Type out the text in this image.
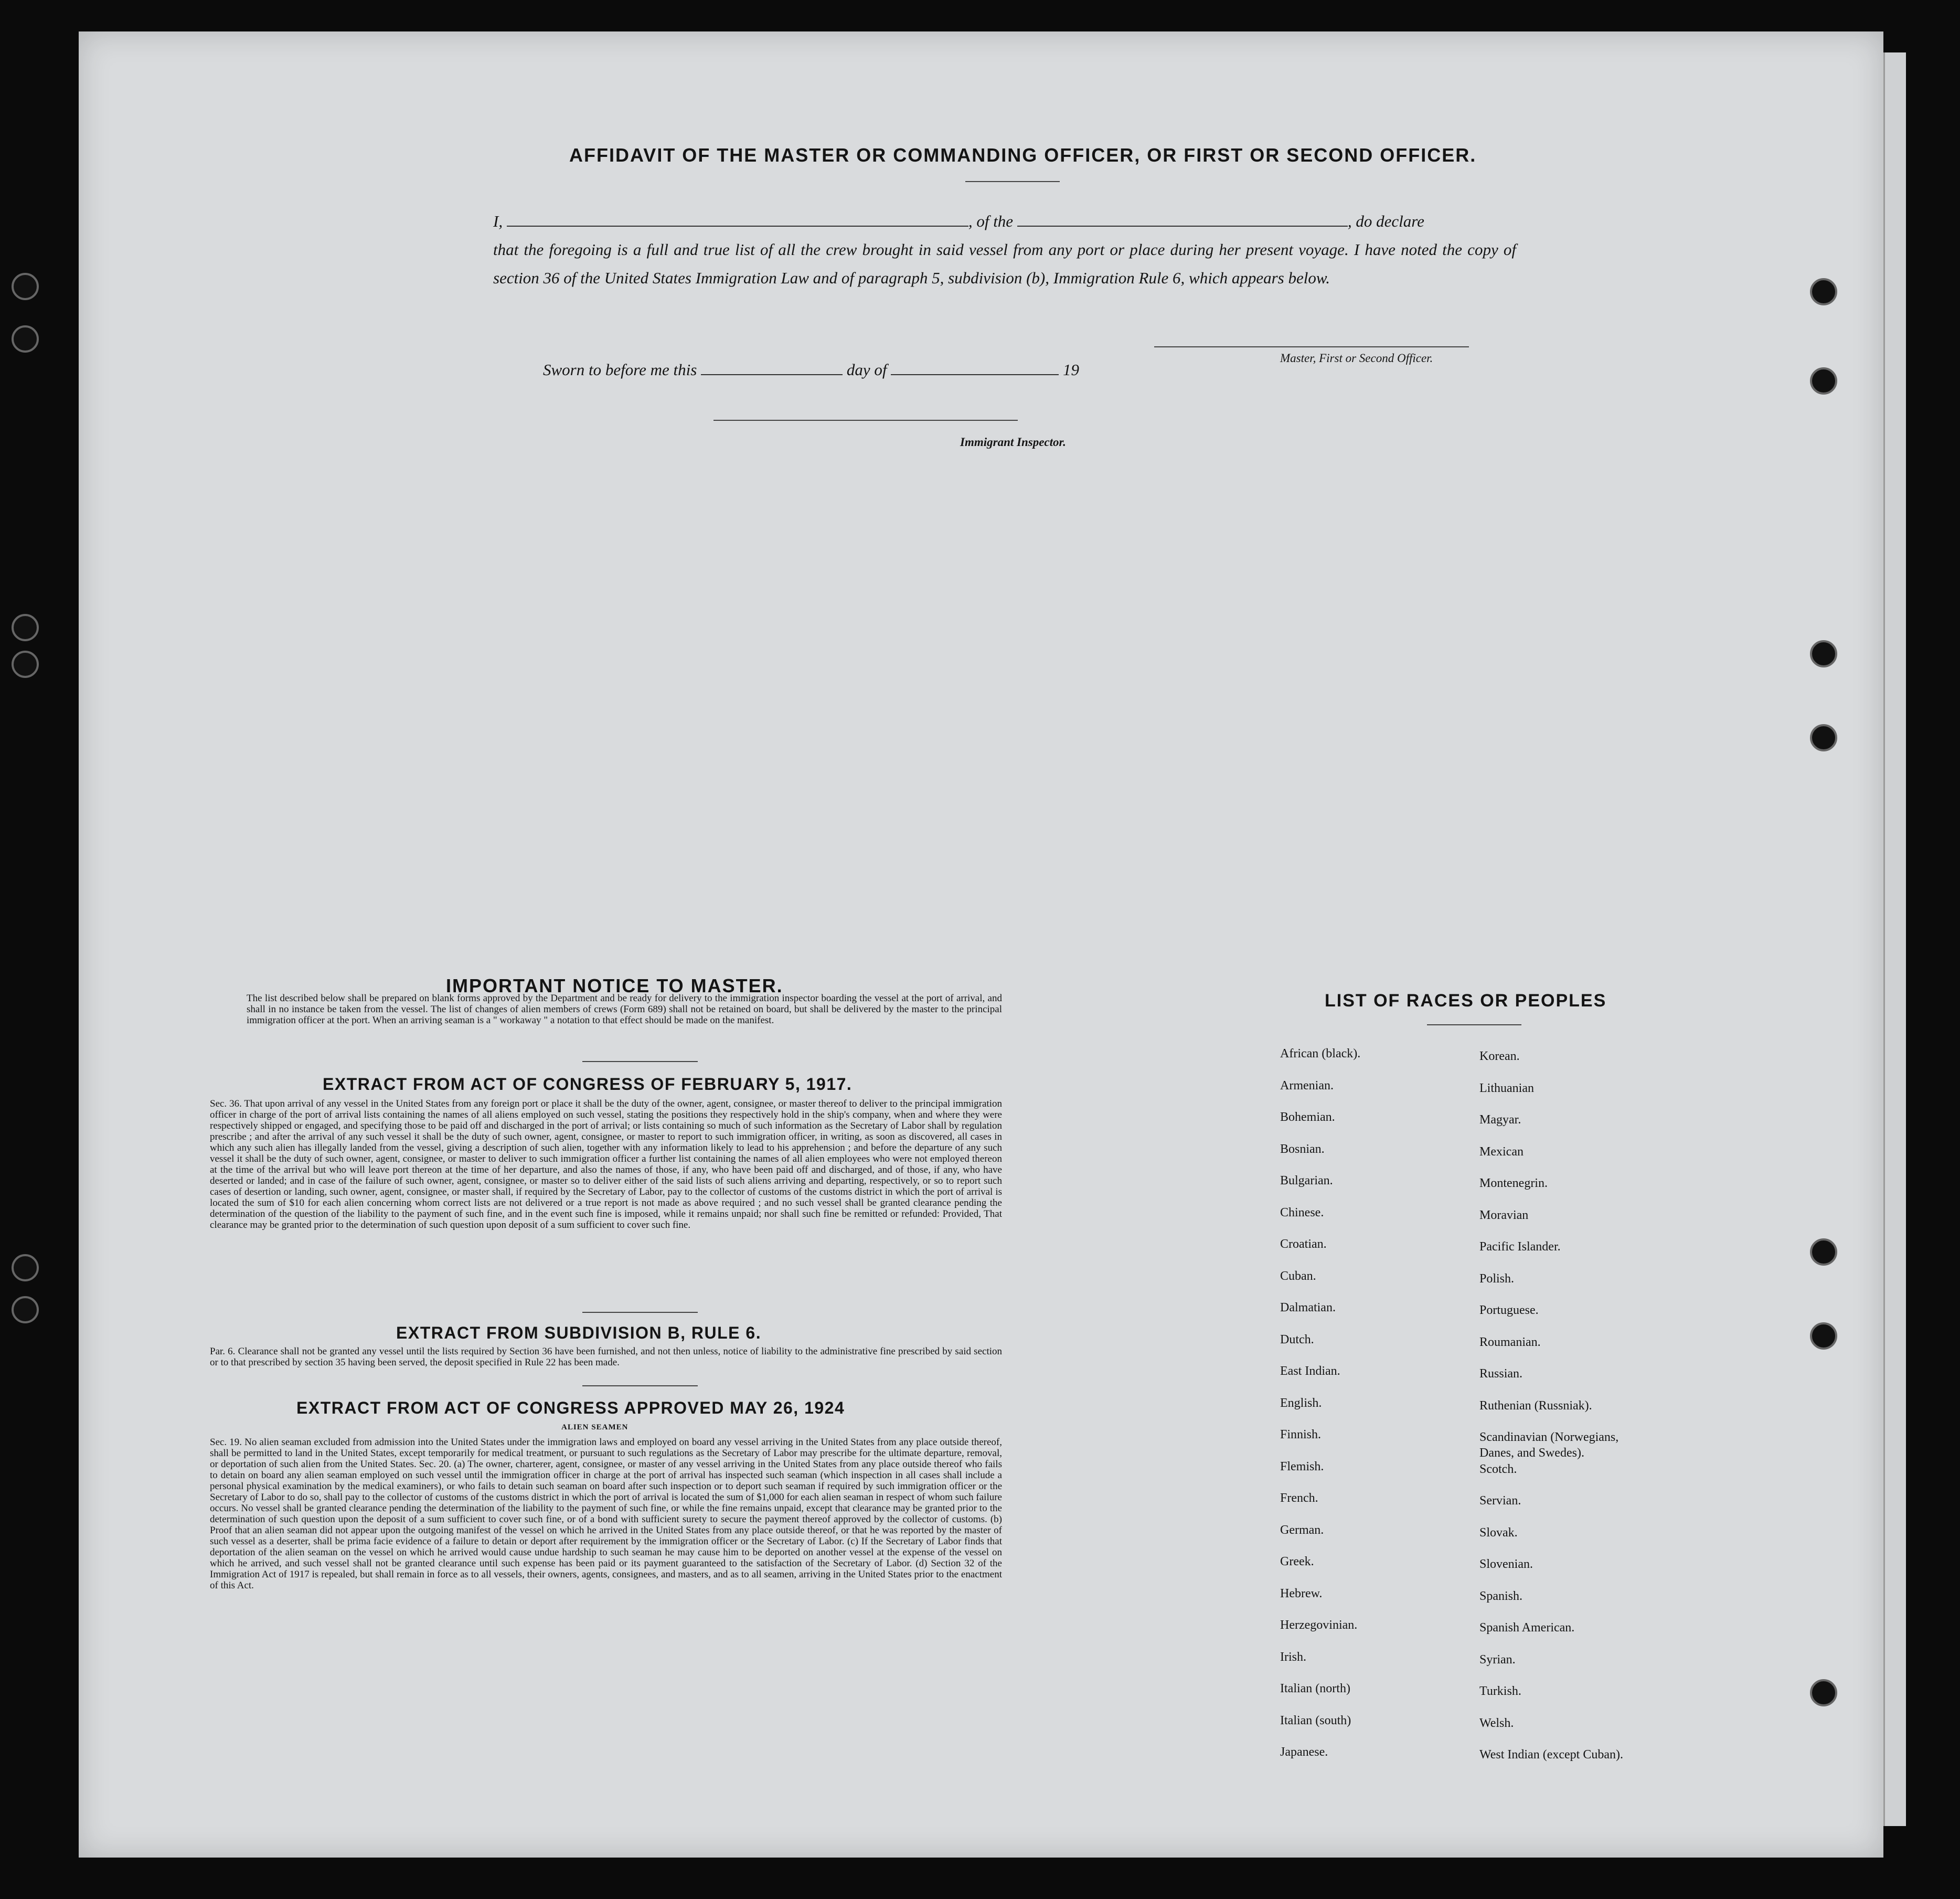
AFFIDAVIT OF THE MASTER OR COMMANDING OFFICER, OR FIRST OR SECOND OFFICER.
I,	, of the	, do declare
that the foregoing is a full and true list of all the crew brought in said vessel from any port or place during her present voyage. I have noted the copy of section 36 of the United States Immigration Law and of paragraph 5, subdivision (b), Immigration Rule 6, which appears below.
Master, First or Second Officer.
Sworn to before me this	day of	19
Immigrant Inspector.
IMPORTANT NOTICE TO MASTER.
The list described below shall be prepared on blank forms approved by the Department and be ready for delivery to the immigration inspector boarding the vessel at the port of arrival, and shall in no instance be taken from the vessel. The list of changes of alien members of crews (Form 689) shall not be retained on board, but shall be delivered by the master to the principal immigration officer at the port. When an arriving seaman is a " workaway " a notation to that effect should be made on the manifest.
EXTRACT FROM ACT OF CONGRESS OF FEBRUARY 5, 1917.
Sec. 36. That upon arrival of any vessel in the United States from any foreign port or place it shall be the duty of the owner, agent, consignee, or master thereof to deliver to the principal immigration officer in charge of the port of arrival lists containing the names of all aliens employed on such vessel, stating the positions they respectively hold in the ship's company, when and where they were respectively shipped or engaged, and specifying those to be paid off and discharged in the port of arrival; or lists containing so much of such information as the Secretary of Labor shall by regulation prescribe ; and after the arrival of any such vessel it shall be the duty of such owner, agent, consignee, or master to report to such immigration officer, in writing, as soon as discovered, all cases in which any such alien has illegally landed from the vessel, giving a description of such alien, together with any information likely to lead to his apprehension ; and before the departure of any such vessel it shall be the duty of such owner, agent, consignee, or master to deliver to such immigration officer a further list containing the names of all alien employees who were not employed thereon at the time of the arrival but who will leave port thereon at the time of her departure, and also the names of those, if any, who have been paid off and discharged, and of those, if any, who have deserted or landed; and in case of the failure of such owner, agent, consignee, or master so to deliver either of the said lists of such aliens arriving and departing, respectively, or so to report such cases of desertion or landing, such owner, agent, consignee, or master shall, if required by the Secretary of Labor, pay to the collector of customs of the customs district in which the port of arrival is located the sum of $10 for each alien concerning whom correct lists are not delivered or a true report is not made as above required ; and no such vessel shall be granted clearance pending the determination of the question of the liability to the payment of such fine, and in the event such fine is imposed, while it remains unpaid; nor shall such fine be remitted or refunded: Provided, That clearance may be granted prior to the determination of such question upon deposit of a sum sufficient to cover such fine.
EXTRACT FROM SUBDIVISION B, RULE 6.
Par. 6. Clearance shall not be granted any vessel until the lists required by Section 36 have been furnished, and not then unless, notice of liability to the administrative fine prescribed by said section or to that prescribed by section 35 having been served, the deposit specified in Rule 22 has been made.
EXTRACT FROM ACT OF CONGRESS APPROVED MAY 26, 1924
ALIEN SEAMEN
Sec. 19. No alien seaman excluded from admission into the United States under the immigration laws and employed on board any vessel arriving in the United States from any place outside thereof, shall be permitted to land in the United States, except temporarily for medical treatment, or pursuant to such regulations as the Secretary of Labor may prescribe for the ultimate departure, removal, or deportation of such alien from the United States. Sec. 20. (a) The owner, charterer, agent, consignee, or master of any vessel arriving in the United States from any place outside thereof who fails to detain on board any alien seaman employed on such vessel until the immigration officer in charge at the port of arrival has inspected such seaman (which inspection in all cases shall include a personal physical examination by the medical examiners), or who fails to detain such seaman on board after such inspection or to deport such seaman if required by such immigration officer or the Secretary of Labor to do so, shall pay to the collector of customs of the customs district in which the port of arrival is located the sum of $1,000 for each alien seaman in respect of whom such failure occurs. No vessel shall be granted clearance pending the determination of the liability to the payment of such fine, or while the fine remains unpaid, except that clearance may be granted prior to the determination of such question upon the deposit of a sum sufficient to cover such fine, or of a bond with sufficient surety to secure the payment thereof approved by the collector of customs. (b) Proof that an alien seaman did not appear upon the outgoing manifest of the vessel on which he arrived in the United States from any place outside thereof, or that he was reported by the master of such vessel as a deserter, shall be prima facie evidence of a failure to detain or deport after requirement by the immigration officer or the Secretary of Labor. (c) If the Secretary of Labor finds that deportation of the alien seaman on the vessel on which he arrived would cause undue hardship to such seaman he may cause him to be deported on another vessel at the expense of the vessel on which he arrived, and such vessel shall not be granted clearance until such expense has been paid or its payment guaranteed to the satisfaction of the Secretary of Labor. (d) Section 32 of the Immigration Act of 1917 is repealed, but shall remain in force as to all vessels, their owners, agents, consignees, and masters, and as to all seamen, arriving in the United States prior to the enactment of this Act.
LIST OF RACES OR PEOPLES
African (black).
Armenian.
Bohemian.
Bosnian.
Bulgarian.
Chinese.
Croatian.
Cuban.
Dalmatian.
Dutch.
East Indian.
English.
Finnish.
Flemish.
French.
German.
Greek.
Hebrew.
Herzegovinian.
Irish.
Italian (north)
Italian (south)
Japanese.
Korean.
Lithuanian
Magyar.
Mexican
Montenegrin.
Moravian
Pacific Islander.
Polish.
Portuguese.
Roumanian.
Russian.
Ruthenian (Russniak).
Scandinavian (Norwegians,
Danes, and Swedes).
Scotch.
Servian.
Slovak.
Slovenian.
Spanish.
Spanish American.
Syrian.
Turkish.
Welsh.
West Indian (except Cuban).
